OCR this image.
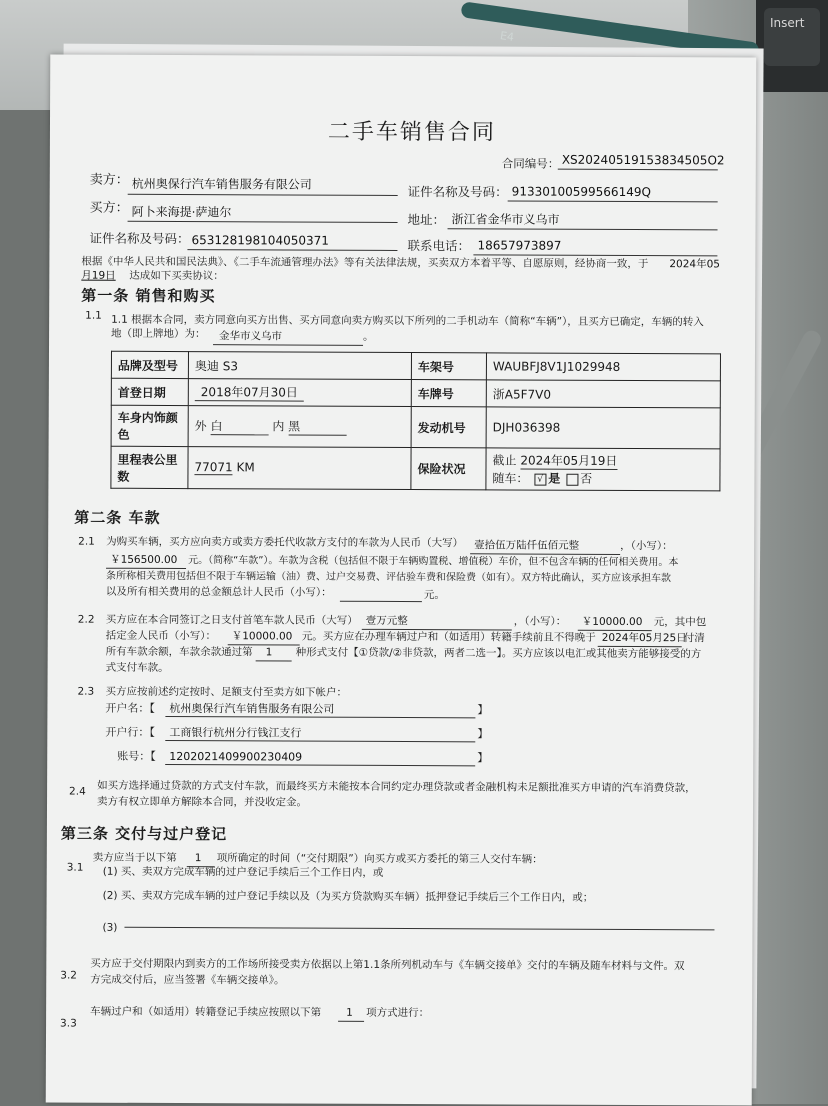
Insert
E4
二手车销售合同
合同编号： XS20240519153834505O2
卖方： 杭州奥保行汽车销售服务有限公司	证件名称及号码： 91330100599566149Q
买方： 阿卜来海提·萨迪尔	地址： 浙江省金华市义乌市
证件名称及号码： 653128198104050371	联系电话： 18657973897
根据《中华人民共和国民法典》、《二手车流通管理办法》等有关法律法规，买卖双方本着平等、自愿原则，经协商一致，于 2024年05
月19日 达成如下买卖协议：
第一条 销售和购买
1.1 1.1 根据本合同，卖方同意向买方出售、买方同意向卖方购买以下所列的二手机动车（简称“车辆”），且买方已确定，车辆的转入
地（即上牌地）为： 金华市义乌市	。
品牌及型号	奥迪 S3	车架号	WAUBFJ8V1J1029948
首登日期	2018年07月30日	车牌号	浙A5F7V0
车身内饰颜色	外 白 内 黑	发动机号	DJH036398
里程表公里数	77071 KM	保险状况	截止 2024年05月19日
随车： √ 是 否
第二条 车款
2.1 为购买车辆，买方应向卖方或卖方委托代收款方支付的车款为人民币（大写） 壹拾伍万陆仟伍佰元整	，（小写）：
￥156500.00 元。（简称“车款”）。车款为含税（包括但不限于车辆购置税、增值税）车价，但不包含车辆的任何相关费用。本
条所称相关费用包括但不限于车辆运输（油）费、过户交易费、评估验车费和保险费（如有）。双方特此确认，买方应该承担车款
以及所有相关费用的总金额总计人民币（小写）：	元。
2.2 买方应在本合同签订之日支付首笔车款人民币（大写） 壹万元整	，（小写）： ￥10000.00 元，其中包
括定金人民币（小写）： ￥10000.00 元。买方应在办理车辆过户和（如适用）转籍手续前且不得晚于 2024年05月25日
付清
所有车款余额，车款余款通过第 1 种形式支付【①贷款/②非贷款，两者二选一】。买方应该以电汇或其他卖方能够接受的方
式支付车款。
2.3 买方应按前述约定按时、足额支付至卖方如下帐户：
开户名：【 杭州奥保行汽车销售服务有限公司	】
开户行：【 工商银行杭州分行钱江支行	】
账号：【 1202021409900230409	】
2.4 如买方选择通过贷款的方式支付车款，而最终买方未能按本合同约定办理贷款或者金融机构未足额批准买方申请的汽车消费贷款，
卖方有权立即单方解除本合同，并没收定金。
第三条 交付与过户登记
3.1
卖方应当于以下第 1 项所确定的时间（“交付期限”）向买方或买方委托的第三人交付车辆：
(1) 买、卖双方完成车辆的过户登记手续后三个工作日内，或
(2) 买、卖双方完成车辆的过户登记手续以及（为买方贷款购买车辆）抵押登记手续后三个工作日内，或；
(3)
3.2
买方应于交付期限内到卖方的工作场所接受卖方依据以上第1.1条所列机动车与《车辆交接单》交付的车辆及随车材料与文件。双
方完成交付后，应当签署《车辆交接单》。
3.3
车辆过户和（如适用）转籍登记手续应按照以下第 1 项方式进行：
